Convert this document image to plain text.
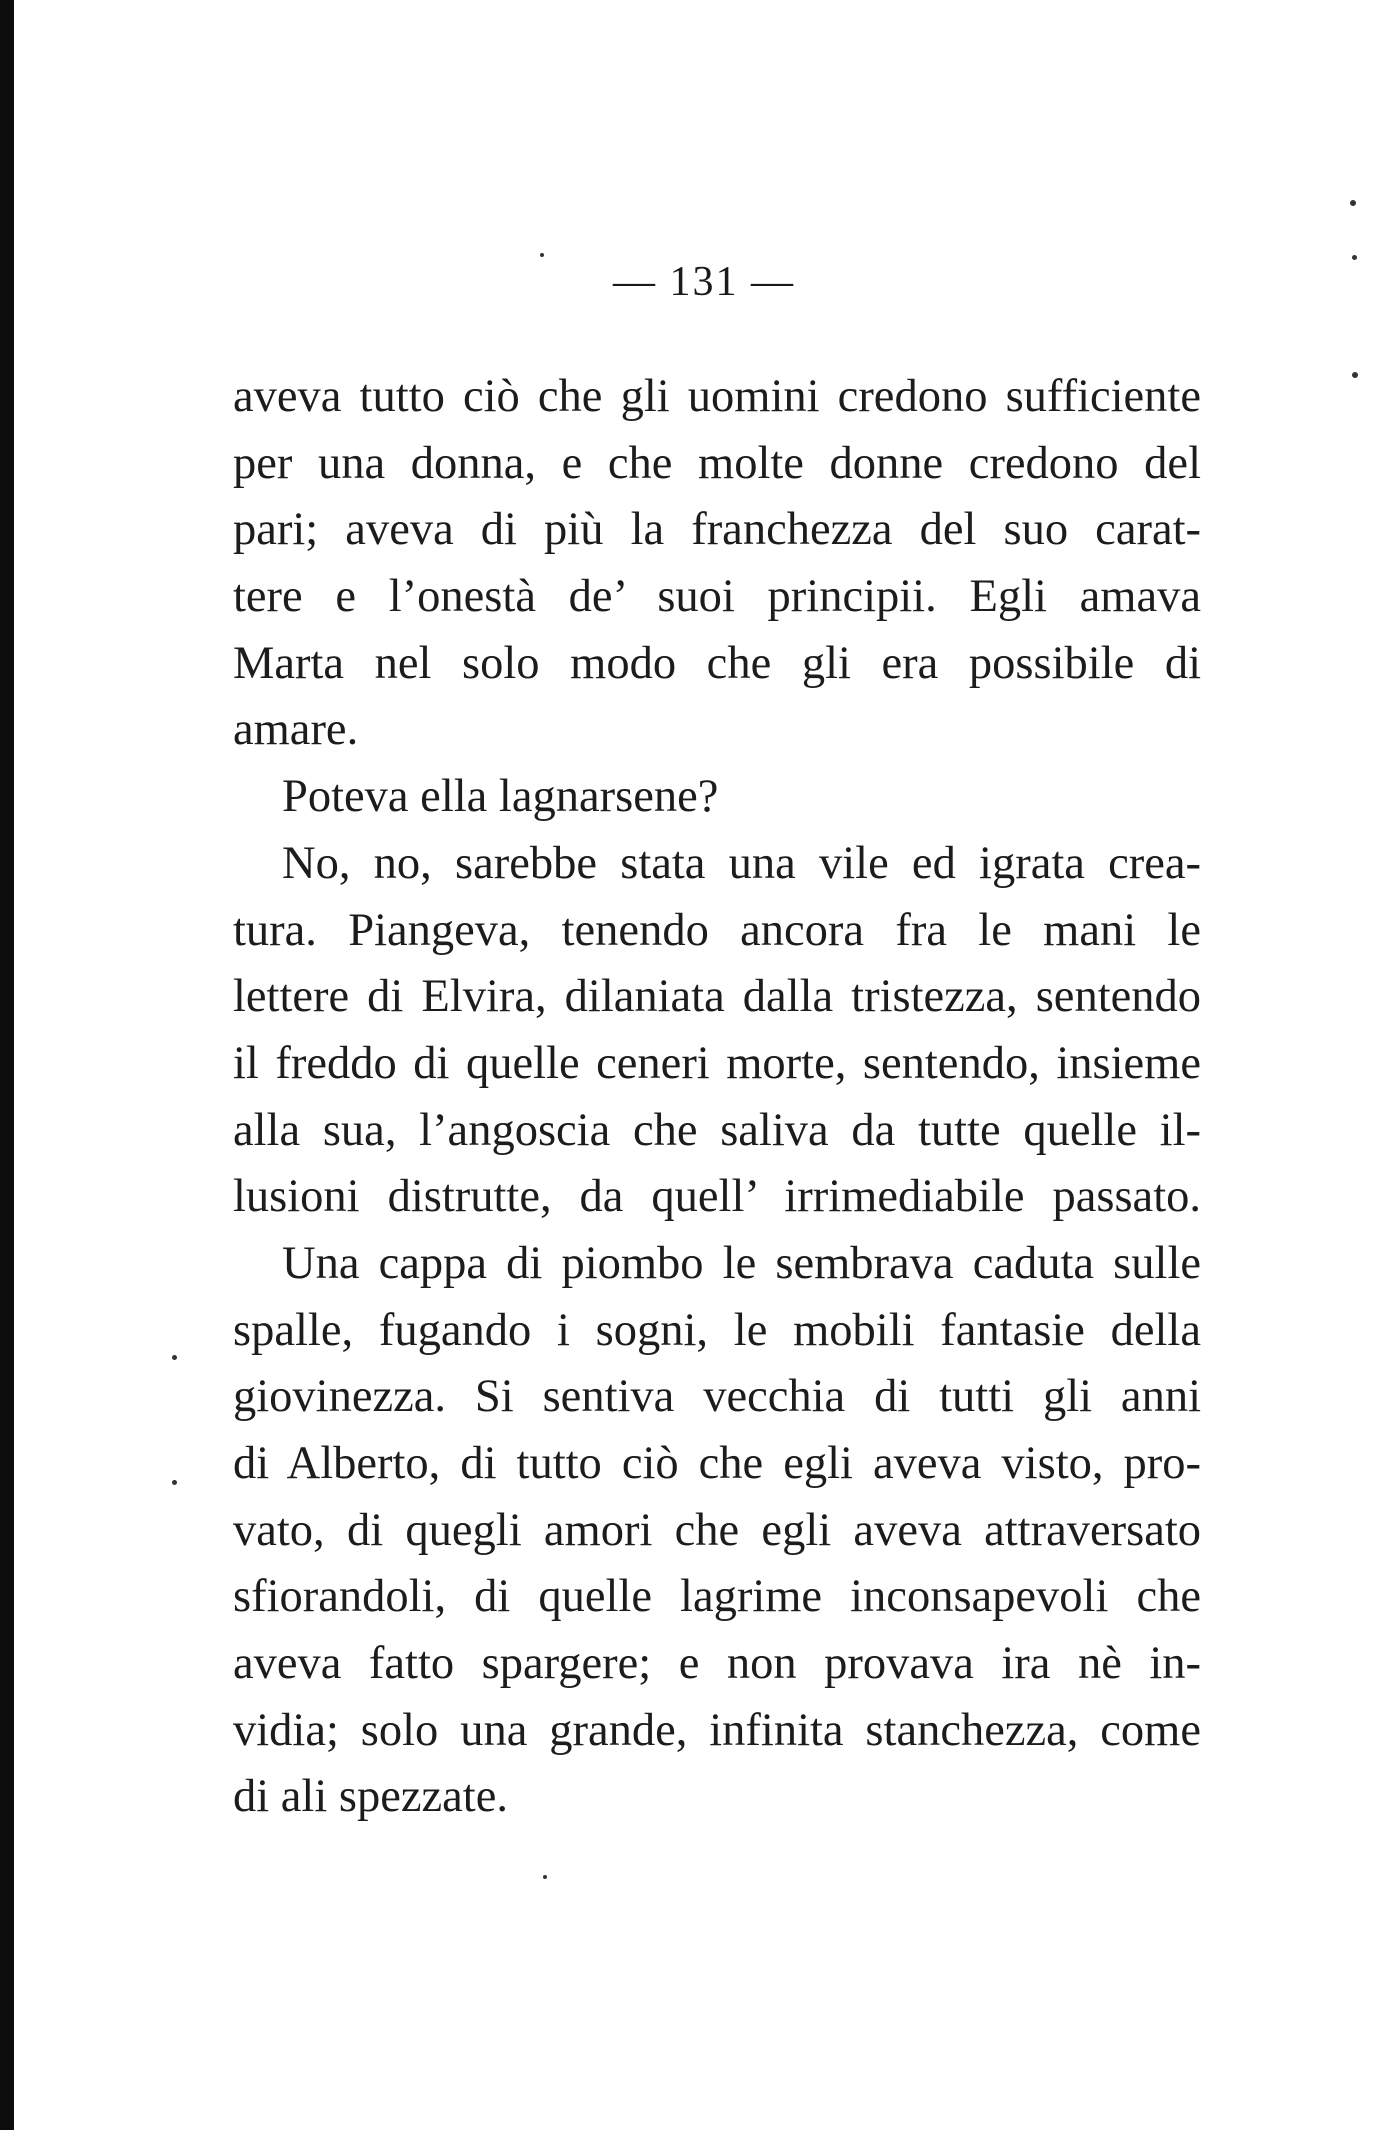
— 131 —
aveva tutto ciò che gli uomini credono sufficiente
per una donna, e che molte donne credono del
pari; aveva di più la franchezza del suo carat-
tere e l’onestà de’ suoi principii. Egli amava
Marta nel solo modo che gli era possibile di
amare.
Poteva ella lagnarsene?
No, no, sarebbe stata una vile ed igrata crea-
tura. Piangeva, tenendo ancora fra le mani le
lettere di Elvira, dilaniata dalla tristezza, sentendo
il freddo di quelle ceneri morte, sentendo, insieme
alla sua, l’angoscia che saliva da tutte quelle il-
lusioni distrutte, da quell’ irrimediabile passato.
Una cappa di piombo le sembrava caduta sulle
spalle, fugando i sogni, le mobili fantasie della
giovinezza. Si sentiva vecchia di tutti gli anni
di Alberto, di tutto ciò che egli aveva visto, pro-
vato, di quegli amori che egli aveva attraversato
sfiorandoli, di quelle lagrime inconsapevoli che
aveva fatto spargere; e non provava ira nè in-
vidia; solo una grande, infinita stanchezza, come
di ali spezzate.
